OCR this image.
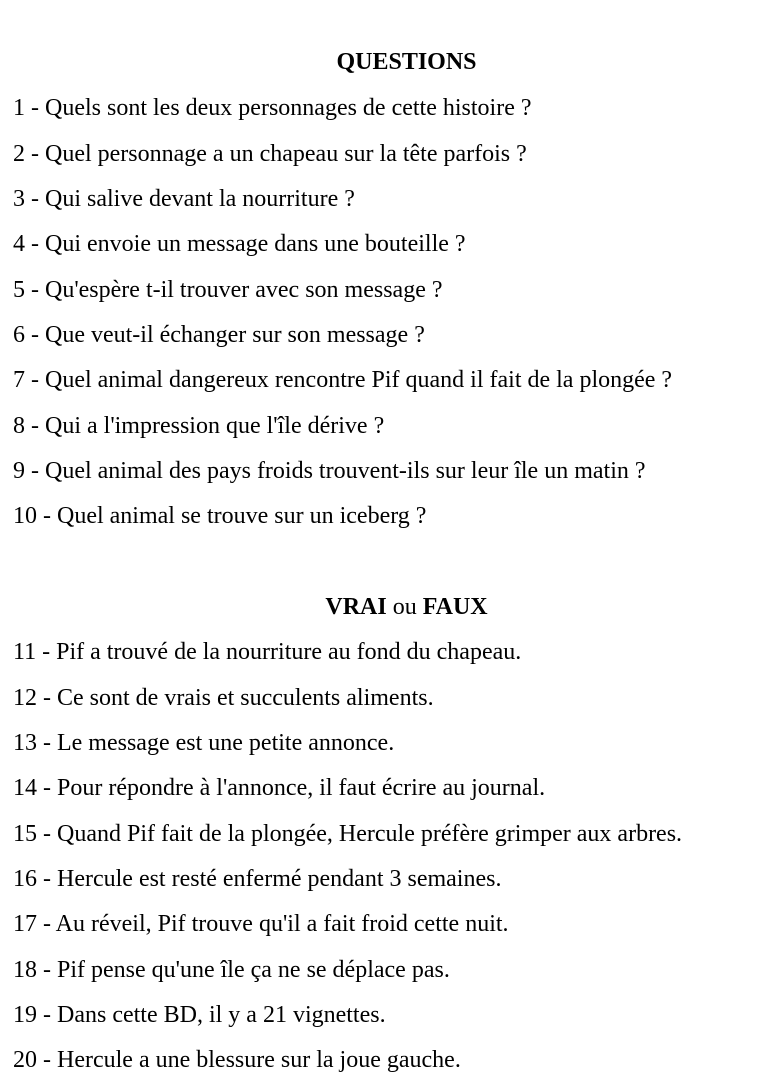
QUESTIONS
1 - Quels sont les deux personnages de cette histoire ?
2 - Quel personnage a un chapeau sur la tête parfois ?
3 - Qui salive devant la nourriture ?
4 - Qui envoie un message dans une bouteille ?
5 - Qu'espère t-il trouver avec son message ?
6 - Que veut-il échanger sur son message ?
7 - Quel animal dangereux rencontre Pif quand il fait de la plongée ?
8 - Qui a l'impression que l'île dérive ?
9 - Quel animal des pays froids trouvent-ils sur leur île un matin ?
10 - Quel animal se trouve sur un iceberg ?
VRAI ou FAUX
11 - Pif a trouvé de la nourriture au fond du chapeau.
12 - Ce sont de vrais et succulents aliments.
13 - Le message est une petite annonce.
14 - Pour répondre à l'annonce, il faut écrire au journal.
15 - Quand Pif fait de la plongée, Hercule préfère grimper aux arbres.
16 - Hercule est resté enfermé pendant 3 semaines.
17 - Au réveil, Pif trouve qu'il a fait froid cette nuit.
18 - Pif pense qu'une île ça ne se déplace pas.
19 - Dans cette BD, il y a 21 vignettes.
20 - Hercule a une blessure sur la joue gauche.
